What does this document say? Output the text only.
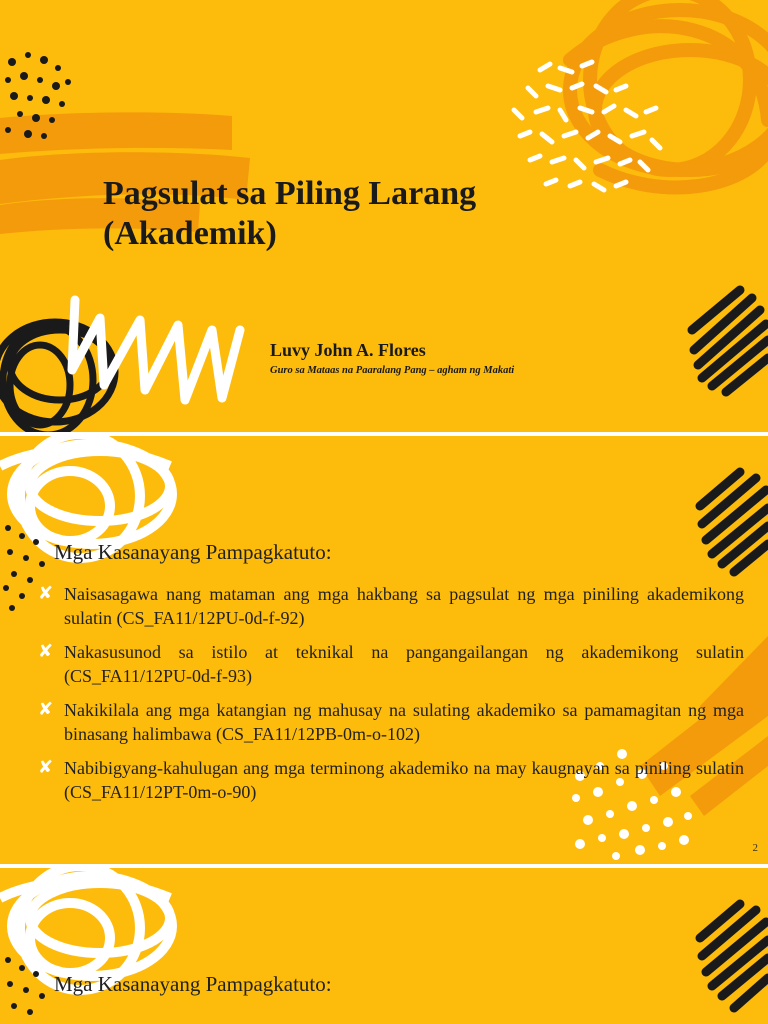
Pagsulat sa Piling Larang
(Akademik)
Luvy John A. Flores
Guro sa Mataas na Paaralang Pang – agham ng Makati
Mga Kasanayang Pampagkatuto:
✘ Naisasagawa nang mataman ang mga hakbang sa pagsulat ng mga piniling akademikong sulatin (CS_FA11/12PU-0d-f-92)
✘ Nakasusunod sa istilo at teknikal na pangangailangan ng akademikong sulatin (CS_FA11/12PU-0d-f-93)
✘ Nakikilala ang mga katangian ng mahusay na sulating akademiko sa pamamagitan ng mga binasang halimbawa (CS_FA11/12PB-0m-o-102)
✘ Nabibigyang-kahulugan ang mga terminong akademiko na may kaugnayan sa piniling sulatin (CS_FA11/12PT-0m-o-90)
2
Mga Kasanayang Pampagkatuto:
